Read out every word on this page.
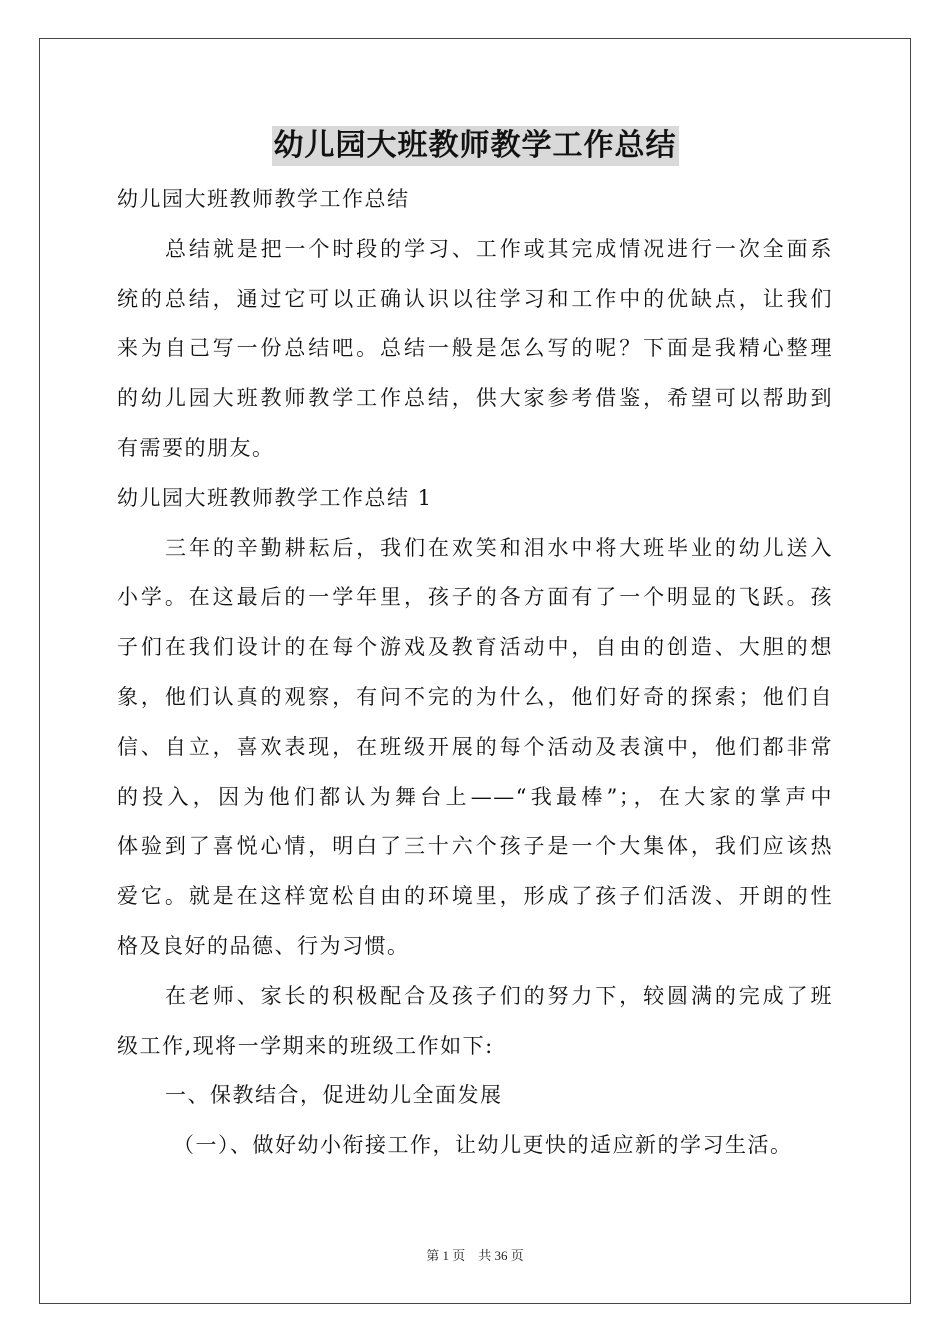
幼儿园大班教师教学工作总结
幼儿园大班教师教学工作总结
总结就是把一个时段的学习、工作或其完成情况进行一次全面系
统的总结，通过它可以正确认识以往学习和工作中的优缺点，让我们
来为自己写一份总结吧。总结一般是怎么写的呢？下面是我精心整理
的幼儿园大班教师教学工作总结，供大家参考借鉴，希望可以帮助到
有需要的朋友。
幼儿园大班教师教学工作总结 1
三年的辛勤耕耘后，我们在欢笑和泪水中将大班毕业的幼儿送入
小学。在这最后的一学年里，孩子的各方面有了一个明显的飞跃。孩
子们在我们设计的在每个游戏及教育活动中，自由的创造、大胆的想
象，他们认真的观察，有问不完的为什么，他们好奇的探索；他们自
信、自立，喜欢表现，在班级开展的每个活动及表演中，他们都非常
的投入，因为他们都认为舞台上——“我最棒”；，在大家的掌声中
体验到了喜悦心情，明白了三十六个孩子是一个大集体，我们应该热
爱它。就是在这样宽松自由的环境里，形成了孩子们活泼、开朗的性
格及良好的品德、行为习惯。
在老师、家长的积极配合及孩子们的努力下，较圆满的完成了班
级工作,现将一学期来的班级工作如下:
一、保教结合，促进幼儿全面发展
（一）、做好幼小衔接工作，让幼儿更快的适应新的学习生活。
第 1 页　共 36 页
